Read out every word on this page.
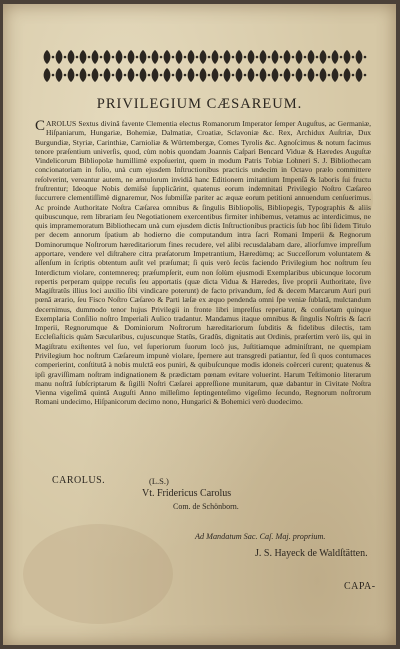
PRIVILEGIUM CÆSAREUM.
CAROLUS Sextus divinâ favente Clementia electus Romanorum Imperator ſemper Auguſtus, ac Germaniæ, Hiſpaniarum, Hungariæ, Bohemiæ, Dalmatiæ, Croatiæ, Sclavoniæ &c. Rex, Archidux Auſtriæ, Dux Burgundiæ, Styriæ, Carinthiæ, Carnioliæ & Würtembergæ, Comes Tyrolis &c. Agnoſcimus & notum facimus tenore præſentium univerſis, quod, cùm nobis quondam Joannis Caſpari Bencard Viduæ & Hæredes Auguſtæ Vindelicorum Bibliopolæ humillimè expoſuerint, quem in modum Patris Tobiæ Lohneri S. J. Bibliothecam concionatoriam in folio, unà cum ejusdem Inſtructionibus practicis undecim in Octavo prælo committere reſolverint, vereantur autem, ne æmulorum invidiâ hanc Editionem imitantium Impenſâ & laboris ſui fructu fruſtrentur; Ideoque Nobis demiſsè ſupplicârint, quatenus eorum indemnitati Privilegio Noſtro Cæſareo ſuccurrere clementiſſimè dignaremur, Nos ſubmiſſæ pariter ac æquæ eorum petitioni annuendum cenſuerimus. Ac proinde Authoritate Noſtra Cæſarea omnibus & ſingulis Bibliopolis, Bibliopegis, Typographis & aliis quibuscunque, rem librariam ſeu Negotiationem exercentibus firmiter inhibemus, vetamus ac interdicimus, ne quis impramemoratum Bibliothecam unà cum ejusdem dictis Inſtructionibus practicis ſub hoc ſibi ſidem Titulo per decem annorum ſpatium ab hodierno die computandum intra ſacri Romani Imperii & Regnorum Dominorumque Noſtrorum hæreditariorum fines recudere, vel alibi recusdalabam dare, aliorſumve impreſſum apportare, vendere vel diſtrahere citra præſatorum Impetrantium, Hæredùmq; ac Succeſſorum voluntatem & aſſenſum in ſcriptis obtentum auſit vel præſumat; ſi quis verò ſecùs faciendo Privilegium hoc noſtrum ſeu Interdictum violare, contemnereq; præſumpſerit, eum non ſolùm ejusmodi Exemplaribus ubicunque locorum repertis perperam quippe recuſis ſeu apportatis (quæ dicta Vidua & Hæredes, ſive proprii Authoritate, ſive Magiſtratûs illius loci auxilio ſibi vindicare poterunt) de facto privandum, ſed & decem Marcarum Auri puri pœnâ ærario, ſeu Fisco Noſtro Cæſareo & Parti læſæ ex æquo pendenda omni ſpe veniæ ſublatâ, mulctandum decernimus, dummodo tenor hujus Privilegii in fronte libri imprelſus reperiatur, & conſuetam quinque Exemplaria Conſilio noſtro Imperiali Aulico tradantur. Mandamus itaque omnibus & ſingulis Noſtris & ſacri Imperii, Regnorumque & Dominiorum Noſtrorum hæreditariorum ſubditis & fidelibus dilectis, tam Eccleſiaſticis quàm Sæcularibus, cujuscunque Statûs, Gradûs, dignitatis aut Ordinis, præſertim verò iis, qui in Magiſtratu exiſtentes vel ſuo, vel ſuperiorum ſuorum locò jus, Juſtitiamque adminiſtrant, ne quempiam Privilegium hoc noſtrum Cæſareum impunè violare, ſpernere aut transgredi patiantur, ſed ſi quos contumaces comperierint, conſtitutâ à nobis mulctâ eos puniri, & quibuſcunque modis idoneis coërceri curent; quatenus & ipſi graviſſimam noſtram indignationem & prædictam pœnam evitare voluerint. Harum Teſtimonio literarum manu noſtrâ ſubſcriptarum & ſigilli Noſtri Cæſarei appreſſione munitarum, quæ dabantur in Civitate Noſtra Vienna vigeſimâ quintâ Auguſti Anno milleſimo ſeptingenteſimo vigeſimo ſecundo, Regnorum noſtrorum Romani undecimo, Hiſpanicorum decimo nono, Hungarici & Bohemici verò duodecimo.
CAROLUS.	(L.S.)
Vt. Fridericus Carolus
Com. de Schönborn.
Ad Mandatum Sac. Caſ. Maj. proprium.
J. S. Hayeck de Waldſtätten.
CAPA-
